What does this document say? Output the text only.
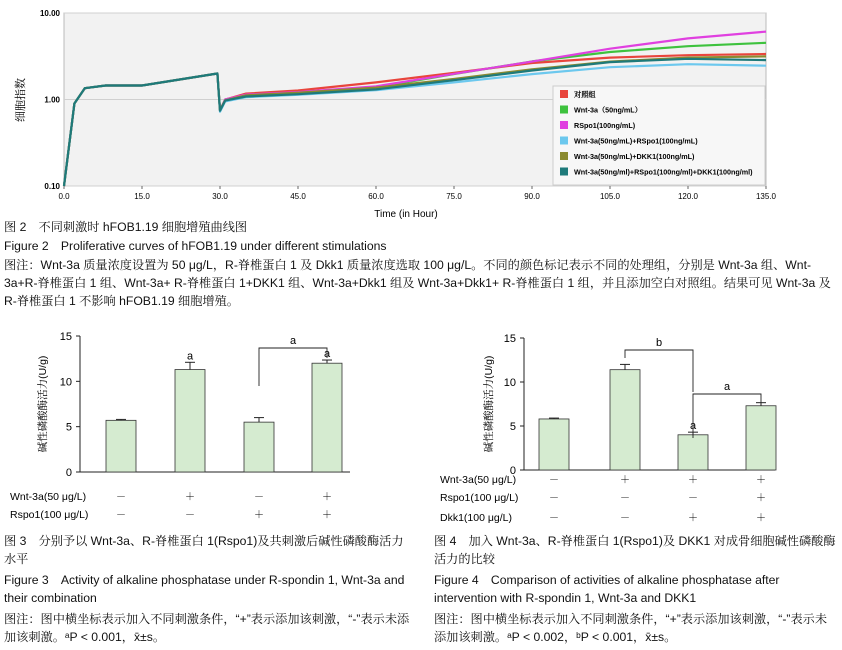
0.10
1.00
10.00
0.0	15.0	30.0	45.0	60.0	75.0	90.0	105.0	120.0	135.0
对照组
Wnt-3a（50ng/mL）
RSpo1(100ng/mL)
Wnt-3a(50ng/mL)+RSpo1(100ng/mL)
Wnt-3a(50ng/mL)+DKK1(100ng/mL)
Wnt-3a(50ng/ml)+RSpo1(100ng/ml)+DKK1(100ng/ml)
Time (in Hour)
细胞指数
图 2　不同刺激时 hFOB1.19 细胞增殖曲线图
Figure 2　Proliferative curves of hFOB1.19 under different stimulations
图注：Wnt-3a 质量浓度设置为 50 μg/L，R-脊椎蛋白 1 及 Dkk1 质量浓度选取 100 μg/L。不同的颜色标记表示不同的处理组，分别是 Wnt-3a 组、Wnt-3a+R-脊椎蛋白 1 组、Wnt-3a+ R-脊椎蛋白 1+DKK1 组、Wnt-3a+Dkk1 组及 Wnt-3a+Dkk1+ R-脊椎蛋白 1 组，并且添加空白对照组。结果可见 Wnt-3a 及 R-脊椎蛋白 1 不影响 hFOB1.19 细胞增殖。
0
5
10
15
碱性磷酸酶活力(U/g)	a	a
a
Wnt-3a(50 μg/L)	－	＋	－	＋
Rspo1(100 μg/L)	－	－	＋	＋
图 3　分别予以 Wnt-3a、R-脊椎蛋白 1(Rspo1)及共刺激后碱性磷酸酶活力水平
Figure 3　Activity of alkaline phosphatase under R-spondin 1, Wnt-3a and their combination
图注：图中横坐标表示加入不同刺激条件，“+”表示添加该刺激，“-”表示未添加该刺激。ᵃP < 0.001，x̄±s。
0
5
10
15
碱性磷酸酶活力(U/g)	a
b
a
Wnt-3a(50 μg/L)	－	＋	＋	＋
Rspo1(100 μg/L)	－	－	－	＋
Dkk1(100 μg/L)	－	－	＋	＋
图 4　加入 Wnt-3a、R-脊椎蛋白 1(Rspo1)及 DKK1 对成骨细胞碱性磷酸酶活力的比较
Figure 4　Comparison of activities of alkaline phosphatase after intervention with R-spondin 1, Wnt-3a and DKK1
图注：图中横坐标表示加入不同刺激条件，“+”表示添加该刺激，“-”表示未添加该刺激。ᵃP < 0.002，ᵇP < 0.001，x̄±s。
